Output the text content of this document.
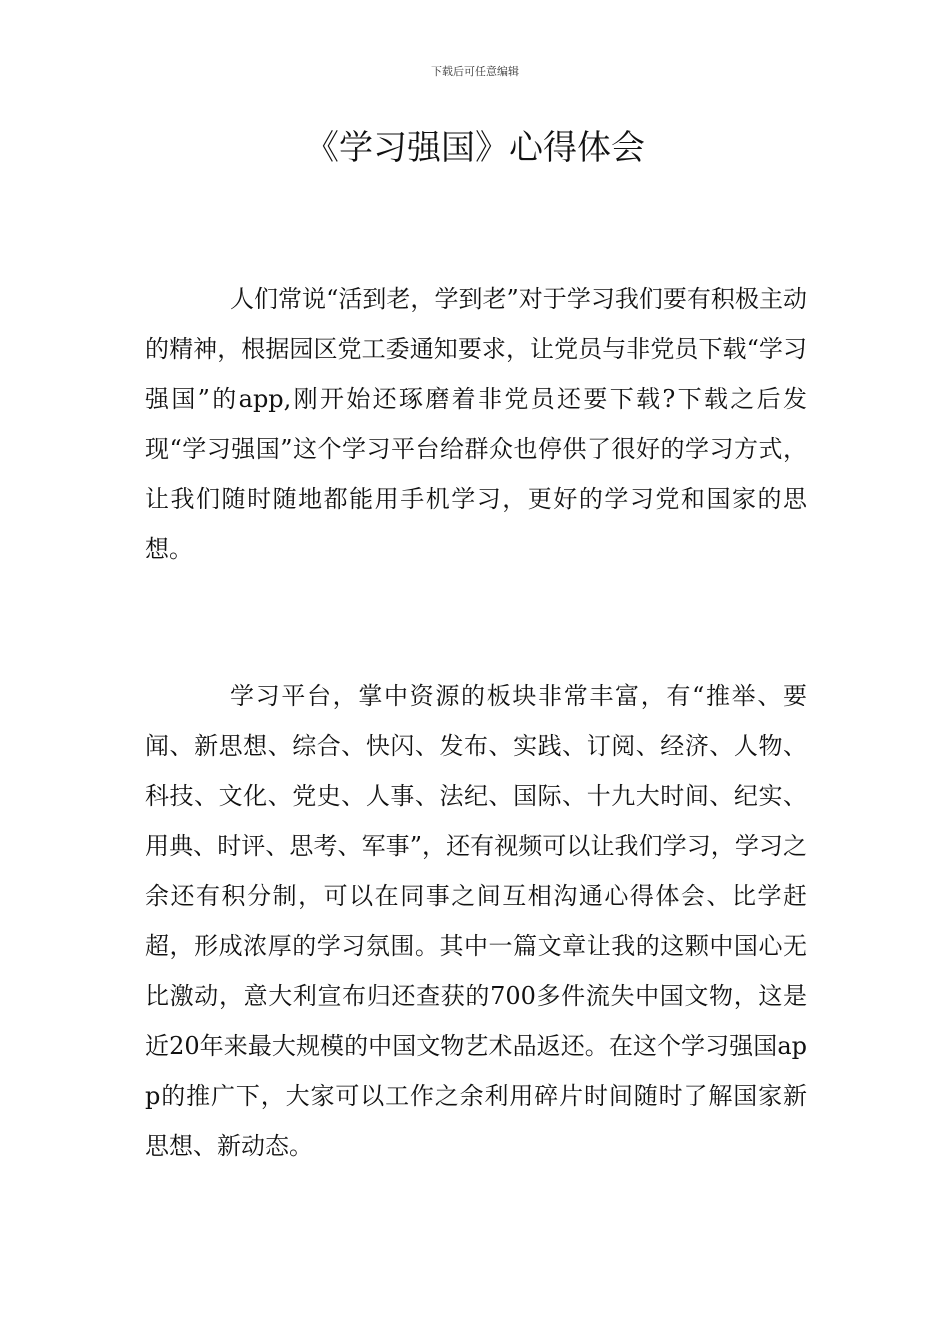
下载后可任意编辑
《学习强国》心得体会

人们常说“活到老，学到老”对于学习我们要有积极主动的精神，根据园区党工委通知要求，让党员与非党员下载“学习强国”的app,刚开始还琢磨着非党员还要下载?下载之后发现“学习强国”这个学习平台给群众也停供了很好的学习方式，让我们随时随地都能用手机学习，更好的学习党和国家的思想。

学习平台，掌中资源的板块非常丰富，有“推举、要闻、新思想、综合、快闪、发布、实践、订阅、经济、人物、科技、文化、党史、人事、法纪、国际、十九大时间、纪实、用典、时评、思考、军事”，还有视频可以让我们学习，学习之余还有积分制，可以在同事之间互相沟通心得体会、比学赶超，形成浓厚的学习氛围。其中一篇文章让我的这颗中国心无比激动，意大利宣布归还查获的700多件流失中国文物，这是近20年来最大规模的中国文物艺术品返还。在这个学习强国app的推广下，大家可以工作之余利用碎片时间随时了解国家新思想、新动态。
